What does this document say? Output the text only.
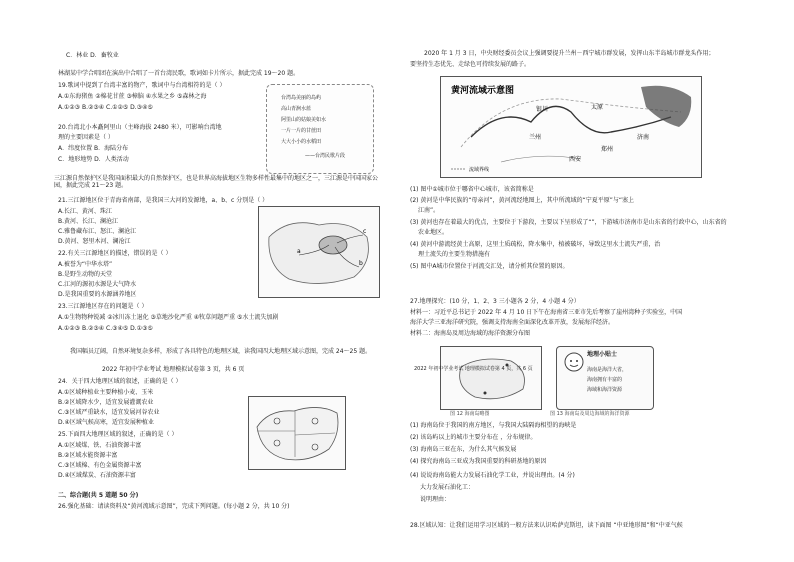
C．林业 D．畜牧业
林湖某中学合唱团在演出中合唱了一首台湾民歌，歌词如卡片所示，据此完成 19～20 题。
19.歌词中提到了台湾丰富的物产，歌词中与台湾相符的是（ ）
A.①东海猪鱼 ②棉花甘蔗 ③樟脑 ④水果之乡 ⑤森林之海
A.①②③ B.②③④ C.①②⑤ D.③④⑤
20.台湾北小本矗阿里山（主峰海拔 2480 米），可影响台湾地
理的主要因素是（ ）
A．纬度位置 B．海陆分布
C．地形地势 D．人类活动
台湾岛美丽的岛屿
高山青涧水蓝
阿里山的姑娘美如水
一片一片的甘蔗田
大大小小的水稻田
——台湾民歌片段
三江源自然保护区是我国面积最大的自然保护区，也是世界高海拔地区生物多样性最集中的地区之一，三江源是中国国家公园，据此完成 21～23 题。
21.三江源地区位于青海省南部，是我国三大河的发源地，a、b、c 分别是（ ）
A.长江、黄河、珠江
B.黄河、长江、澜沧江
C.雅鲁藏布江、怒江、澜沧江
D.黄河、怒里木河、澜沧江
22.有关三江源地区的描述，错误的是（ ）
A.被誉为“中华水塔”
B.是野生动物的天堂
C.江河的源初水源是大气降水
D.是我国重要的水源涵养地区
23.三江源地区存在的问题是（ ）
A.①生物物种锐减 ②冰川冻土退化 ③草地沙化严重 ④牧草问题严重 ⑤水土流失加剧
A.①②③ B.②③④ C.③④⑤ D.①③⑤
a
b
c
我国幅员辽阔，自然环境复杂多样，形成了各具特色的地理区域，读我国四大地理区域示意图，完成 24～25 题。
2022 年初中学业考试 地理模拟试卷第 3 页，共 6 页
24．关于四大地理区域的叙述，正确的是（ ）
A.①区域种植业主要种植小麦、玉米
B.②区域降水少，适宜发展灌溉农业
C.③区域严重缺水，适宜发展河谷农业
D.④区域气候高寒，适宜发展种植业
25.下面四大地理区域的叙述，正确的是（ ）
A.①区域煤、铁、石油资源丰富
B.②区域水能资源丰富
C.③区域棉、有色金属资源丰富
D.④区域煤炭、石油资源丰富
二、综合题(共 5 道题 50 分)
26.强化基础：请读资料及“黄河流域示意图”，完成下列问题。(每小题 2 分，共 10 分)
2020 年 1 月 3 日，中央财经委员会议上强调要提升兰州－西宁城市群发展，发挥山东半岛城市群龙头作用；
要坚持生态优先、走绿色可持续发展的路子。
黄河流域示意图
银川	太原
兰州	济南
郑州
西安
流域界线
(1) 图中①城市位于哪省中心城市，该省简称是
(2) 黄河是中华民族的“母亲河”，黄河流经地图上，其中所流域的“宁夏平原”与“塞上
江南”。
(3) 黄河也存在着最大的优点，主要位于下游段，主要以下呈形成了“”，下游城市济南市是山东省的行政中心，山东省的
农业地区。
(4) 黄河中游流经黄土高原，这里土质疏松，降水集中，植被破坏，导致这里水土流失严重，治
理土流失的主要生物措施有
(5) 图中A城市位置位于河流交汇处，请分析其位置的原因。
27.地理探究：(10 分，1、2、3 三小题各 2 分，4 小题 4 分）
材料一：习近平总书记于 2022 年 4 月 10 日下午在海南省三亚市先后考察了崖州湾种子实验室，中国
海洋大学三亚海洋研究院，强调支持海南全面深化改革开放，发展海洋经济。
材料二：海南岛及周边海域的海洋资源分布图
2022 年初中学业考试 地理模拟试卷第 4 页，共 6 页
图 12 海南岛略图
地理小贴士
海南是海洋大省，
海南拥有丰富的
海域和海洋资源
图 13 海南岛及周边海域的海洋资源
(1) 海南岛位于我国的南方地区，与我国大陆隔海相望的海峡是
(2) 该岛屿以上的城市主要分布在 ，分布规律。
(3) 海南岛三亚在东，为什么其气候发展
(4) 探究海南岛三亚成为我国重要的科研基地的原因
(4) 说说海南岛能大力发展石油化学工业，并说出理由。(4 分)
大力发展石油化工：
说明理由：
28.区域认知：让我们运用学习区域的一般方法来认识哈萨克斯坦，读下面图 “中亚地形图”和“中亚气候
